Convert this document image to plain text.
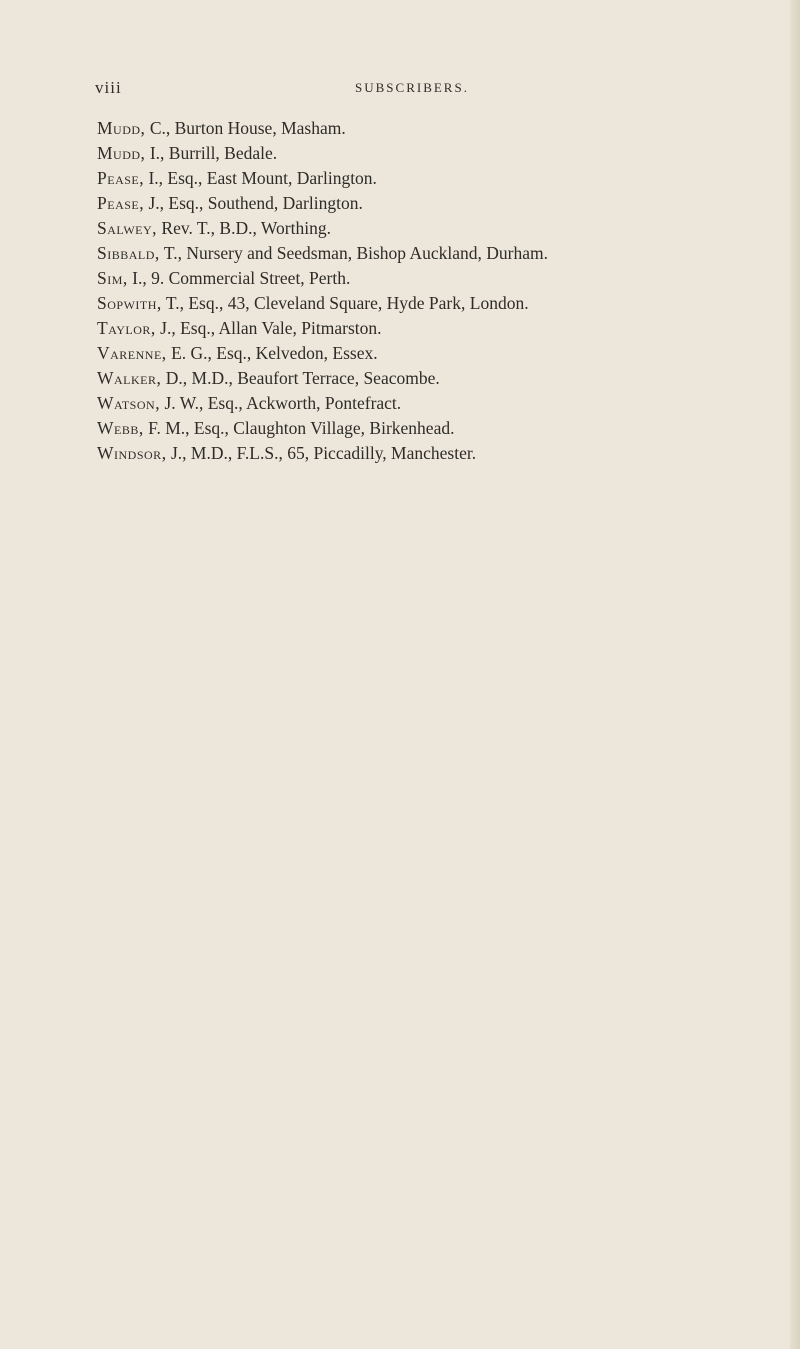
viii	SUBSCRIBERS.
Mudd, C., Burton House, Masham.
Mudd, I., Burrill, Bedale.
Pease, I., Esq., East Mount, Darlington.
Pease, J., Esq., Southend, Darlington.
Salwey, Rev. T., B.D., Worthing.
Sibbald, T., Nursery and Seedsman, Bishop Auckland, Durham.
Sim, I., 9. Commercial Street, Perth.
Sopwith, T., Esq., 43, Cleveland Square, Hyde Park, London.
Taylor, J., Esq., Allan Vale, Pitmarston.
Varenne, E. G., Esq., Kelvedon, Essex.
Walker, D., M.D., Beaufort Terrace, Seacombe.
Watson, J. W., Esq., Ackworth, Pontefract.
Webb, F. M., Esq., Claughton Village, Birkenhead.
Windsor, J., M.D., F.L.S., 65, Piccadilly, Manchester.
